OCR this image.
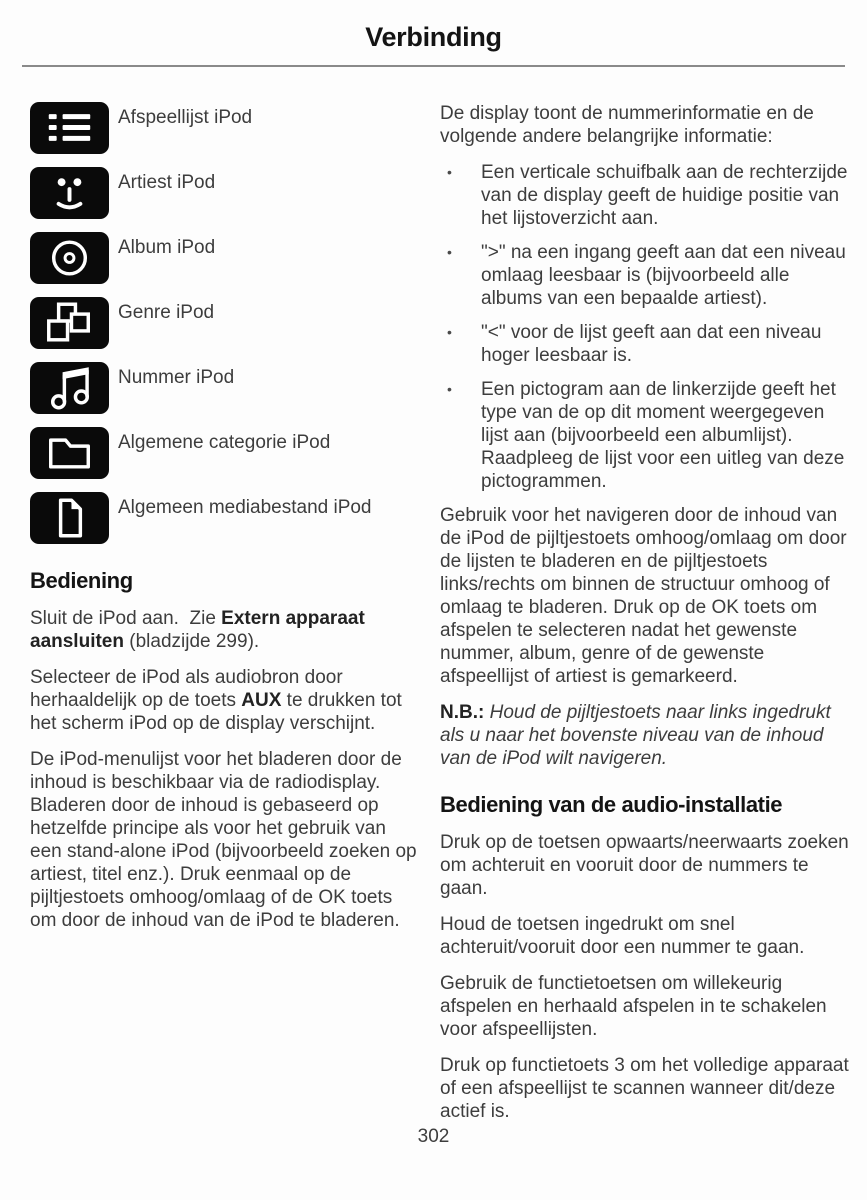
Verbinding
Afspeellijst iPod
Artiest iPod
Album iPod
Genre iPod
Nummer iPod
Algemene categorie iPod
Algemeen mediabestand iPod
Bediening

Sluit de iPod aan.  Zie Extern apparaat aansluiten (bladzijde 299).

Selecteer de iPod als audiobron door herhaaldelijk op de toets AUX te drukken tot het scherm iPod op de display verschijnt.

De iPod-menulijst voor het bladeren door de inhoud is beschikbaar via de radiodisplay. Bladeren door de inhoud is gebaseerd op hetzelfde principe als voor het gebruik van een stand-alone iPod (bijvoorbeeld zoeken op artiest, titel enz.). Druk eenmaal op de pijltjestoets omhoog/omlaag of de OK toets om door de inhoud van de iPod te bladeren.

De display toont de nummerinformatie en de volgende andere belangrijke informatie:

• Een verticale schuifbalk aan de rechterzijde van de display geeft de huidige positie van het lijstoverzicht aan.
• ">" na een ingang geeft aan dat een niveau omlaag leesbaar is (bijvoorbeeld alle albums van een bepaalde artiest).
• "<" voor de lijst geeft aan dat een niveau hoger leesbaar is.
• Een pictogram aan de linkerzijde geeft het type van de op dit moment weergegeven lijst aan (bijvoorbeeld een albumlijst). Raadpleeg de lijst voor een uitleg van deze pictogrammen.

Gebruik voor het navigeren door de inhoud van de iPod de pijltjestoets omhoog/omlaag om door de lijsten te bladeren en de pijltjestoets links/rechts om binnen de structuur omhoog of omlaag te bladeren. Druk op de OK toets om afspelen te selecteren nadat het gewenste nummer, album, genre of de gewenste afspeellijst of artiest is gemarkeerd.

N.B.: Houd de pijltjestoets naar links ingedrukt als u naar het bovenste niveau van de inhoud van de iPod wilt navigeren.

Bediening van de audio-installatie

Druk op de toetsen opwaarts/neerwaarts zoeken om achteruit en vooruit door de nummers te gaan.

Houd de toetsen ingedrukt om snel achteruit/vooruit door een nummer te gaan.

Gebruik de functietoetsen om willekeurig afspelen en herhaald afspelen in te schakelen voor afspeellijsten.

Druk op functietoets 3 om het volledige apparaat of een afspeellijst te scannen wanneer dit/deze actief is.

302
